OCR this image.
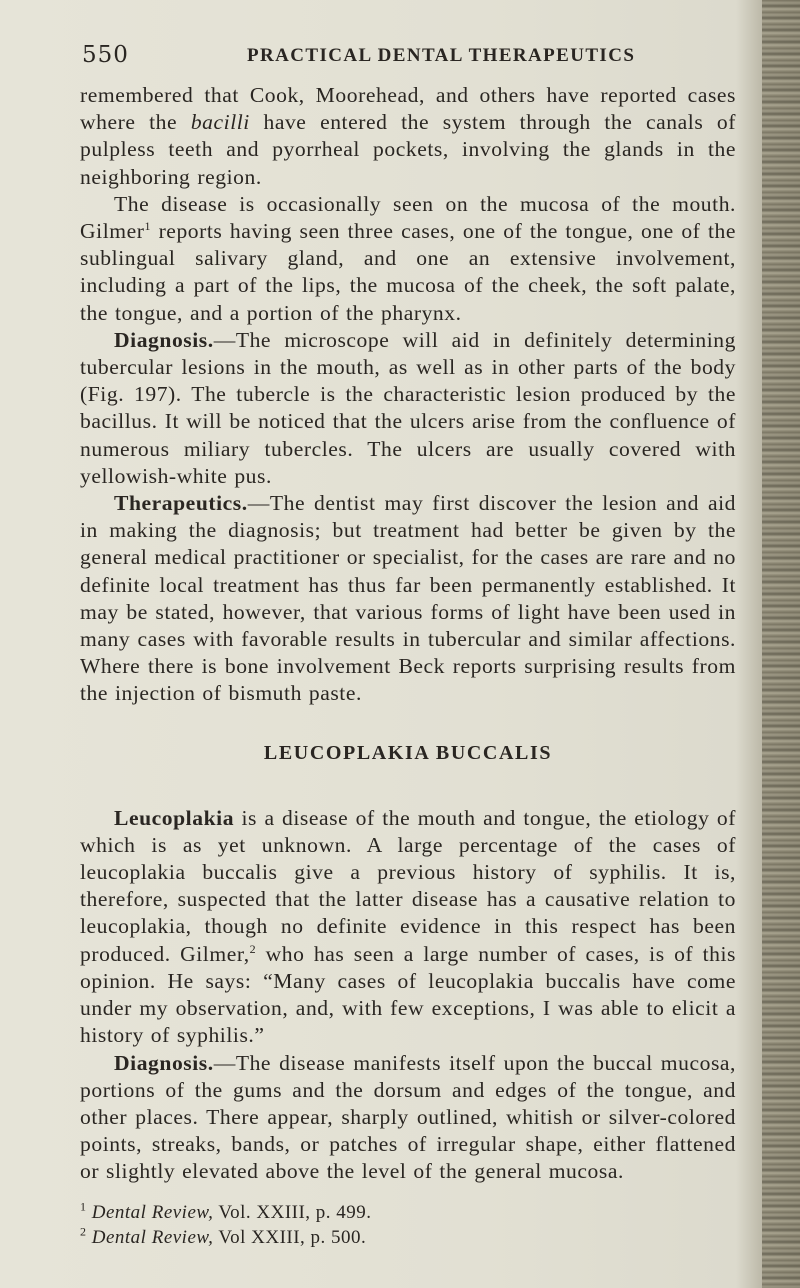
550	PRACTICAL DENTAL THERAPEUTICS

remembered that Cook, Moorehead, and others have reported cases where the bacilli have entered the system through the canals of pulpless teeth and pyorrheal pockets, involving the glands in the neighboring region.

The disease is occasionally seen on the mucosa of the mouth. Gilmer$^1$ reports having seen three cases, one of the tongue, one of the sublingual salivary gland, and one an extensive involvement, including a part of the lips, the mucosa of the cheek, the soft palate, the tongue, and a portion of the pharynx.

Diagnosis.—The microscope will aid in definitely determining tubercular lesions in the mouth, as well as in other parts of the body (Fig. 197). The tubercle is the characteristic lesion produced by the bacillus. It will be noticed that the ulcers arise from the confluence of numerous miliary tubercles. The ulcers are usually covered with yellowish-white pus.

Therapeutics.—The dentist may first discover the lesion and aid in making the diagnosis; but treatment had better be given by the general medical practitioner or specialist, for the cases are rare and no definite local treatment has thus far been permanently established. It may be stated, however, that various forms of light have been used in many cases with favorable results in tubercular and similar affections. Where there is bone involvement Beck reports surprising results from the injection of bismuth paste.

LEUCOPLAKIA BUCCALIS

Leucoplakia is a disease of the mouth and tongue, the etiology of which is as yet unknown. A large percentage of the cases of leucoplakia buccalis give a previous history of syphilis. It is, therefore, suspected that the latter disease has a causative relation to leucoplakia, though no definite evidence in this respect has been produced. Gilmer,$^2$ who has seen a large number of cases, is of this opinion. He says: “Many cases of leucoplakia buccalis have come under my observation, and, with few exceptions, I was able to elicit a history of syphilis.”

Diagnosis.—The disease manifests itself upon the buccal mucosa, portions of the gums and the dorsum and edges of the tongue, and other places. There appear, sharply outlined, whitish or silver-colored points, streaks, bands, or patches of irregular shape, either flattened or slightly elevated above the level of the general mucosa.

$^1$ Dental Review, Vol. XXIII, p. 499.
$^2$ Dental Review, Vol XXIII, p. 500.
